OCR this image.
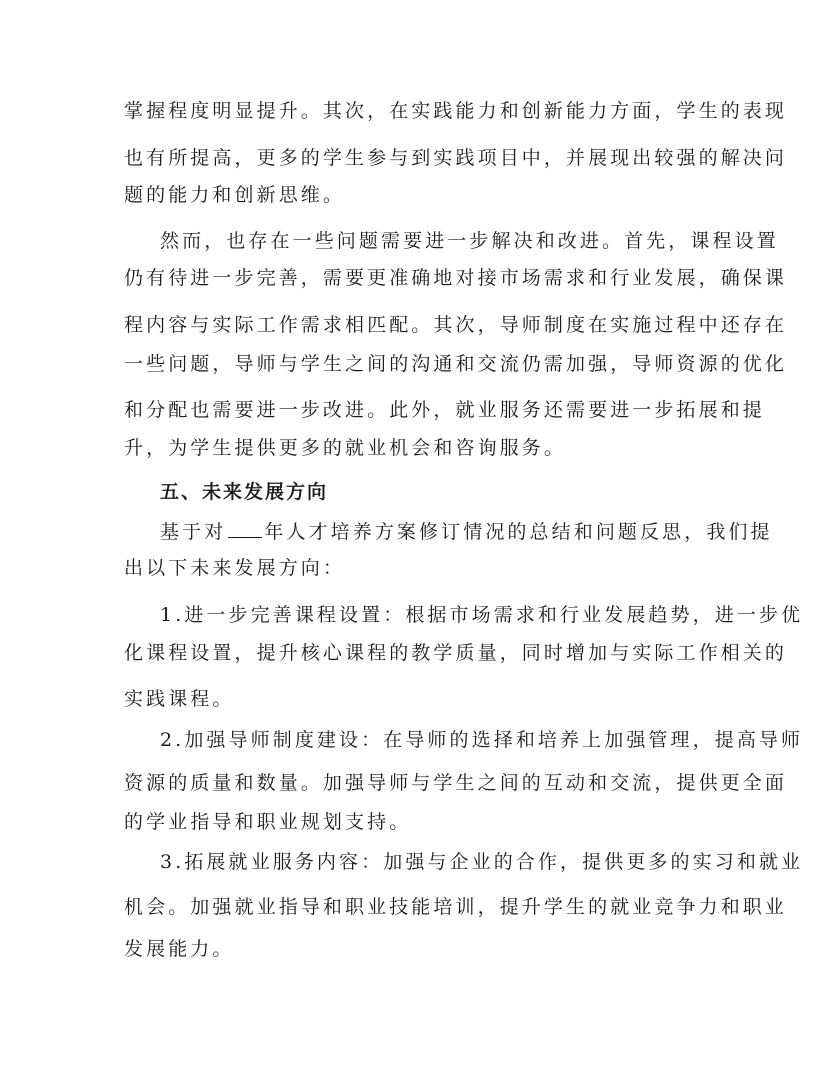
掌握程度明显提升。其次，在实践能力和创新能力方面，学生的表现
也有所提高，更多的学生参与到实践项目中，并展现出较强的解决问
题的能力和创新思维。
然而，也存在一些问题需要进一步解决和改进。首先，课程设置
仍有待进一步完善，需要更准确地对接市场需求和行业发展，确保课
程内容与实际工作需求相匹配。其次，导师制度在实施过程中还存在
一些问题，导师与学生之间的沟通和交流仍需加强，导师资源的优化
和分配也需要进一步改进。此外，就业服务还需要进一步拓展和提
升，为学生提供更多的就业机会和咨询服务。
五、未来发展方向
基于对 年人才培养方案修订情况的总结和问题反思，我们提
出以下未来发展方向：
1.进一步完善课程设置：根据市场需求和行业发展趋势，进一步优
化课程设置，提升核心课程的教学质量，同时增加与实际工作相关的
实践课程。
2.加强导师制度建设：在导师的选择和培养上加强管理，提高导师
资源的质量和数量。加强导师与学生之间的互动和交流，提供更全面
的学业指导和职业规划支持。
3.拓展就业服务内容：加强与企业的合作，提供更多的实习和就业
机会。加强就业指导和职业技能培训，提升学生的就业竞争力和职业
发展能力。
